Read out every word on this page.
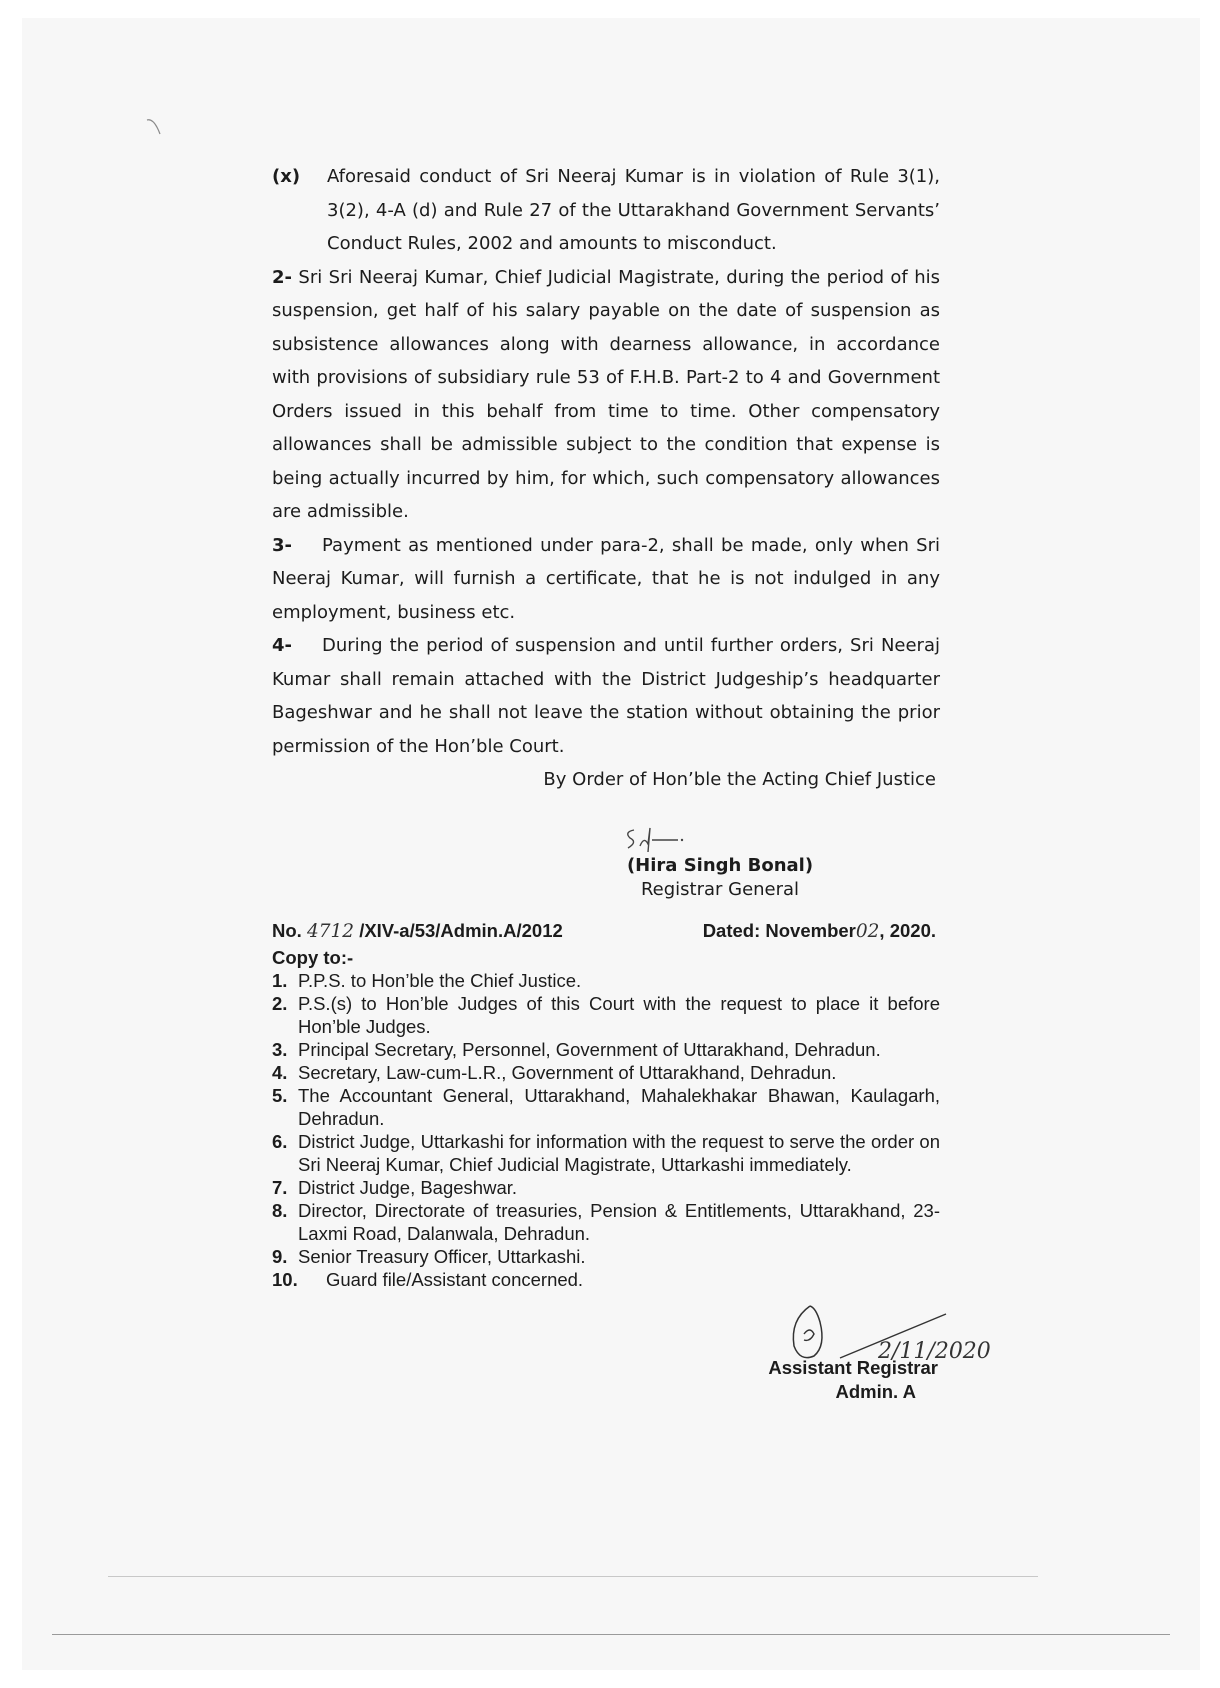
(x) Aforesaid conduct of Sri Neeraj Kumar is in violation of Rule 3(1), 3(2), 4-A (d) and Rule 27 of the Uttarakhand Government Servants’ Conduct Rules, 2002 and amounts to misconduct.

2- Sri Sri Neeraj Kumar, Chief Judicial Magistrate, during the period of his suspension, get half of his salary payable on the date of suspension as subsistence allowances along with dearness allowance, in accordance with provisions of subsidiary rule 53 of F.H.B. Part-2 to 4 and Government Orders issued in this behalf from time to time. Other compensatory allowances shall be admissible subject to the condition that expense is being actually incurred by him, for which, such compensatory allowances are admissible.

3- Payment as mentioned under para-2, shall be made, only when Sri Neeraj Kumar, will furnish a certificate, that he is not indulged in any employment, business etc.

4- During the period of suspension and until further orders, Sri Neeraj Kumar shall remain attached with the District Judgeship’s headquarter Bageshwar and he shall not leave the station without obtaining the prior permission of the Hon’ble Court.

By Order of Hon’ble the Acting Chief Justice

(Hira Singh Bonal)
Registrar General
No. 4712 /XIV-a/53/Admin.A/2012	Dated: November02, 2020.
Copy to:-
1. P.P.S. to Hon’ble the Chief Justice.
2. P.S.(s) to Hon’ble Judges of this Court with the request to place it before Hon’ble Judges.
3. Principal Secretary, Personnel, Government of Uttarakhand, Dehradun.
4. Secretary, Law-cum-L.R., Government of Uttarakhand, Dehradun.
5. The Accountant General, Uttarakhand, Mahalekhakar Bhawan, Kaulagarh, Dehradun.
6. District Judge, Uttarkashi for information with the request to serve the order on Sri Neeraj Kumar, Chief Judicial Magistrate, Uttarkashi immediately.
7. District Judge, Bageshwar.
8. Director, Directorate of treasuries, Pension & Entitlements, Uttarakhand, 23- Laxmi Road, Dalanwala, Dehradun.
9. Senior Treasury Officer, Uttarkashi.
10. Guard file/Assistant concerned.
2/11/2020
Assistant Registrar
Admin. A
